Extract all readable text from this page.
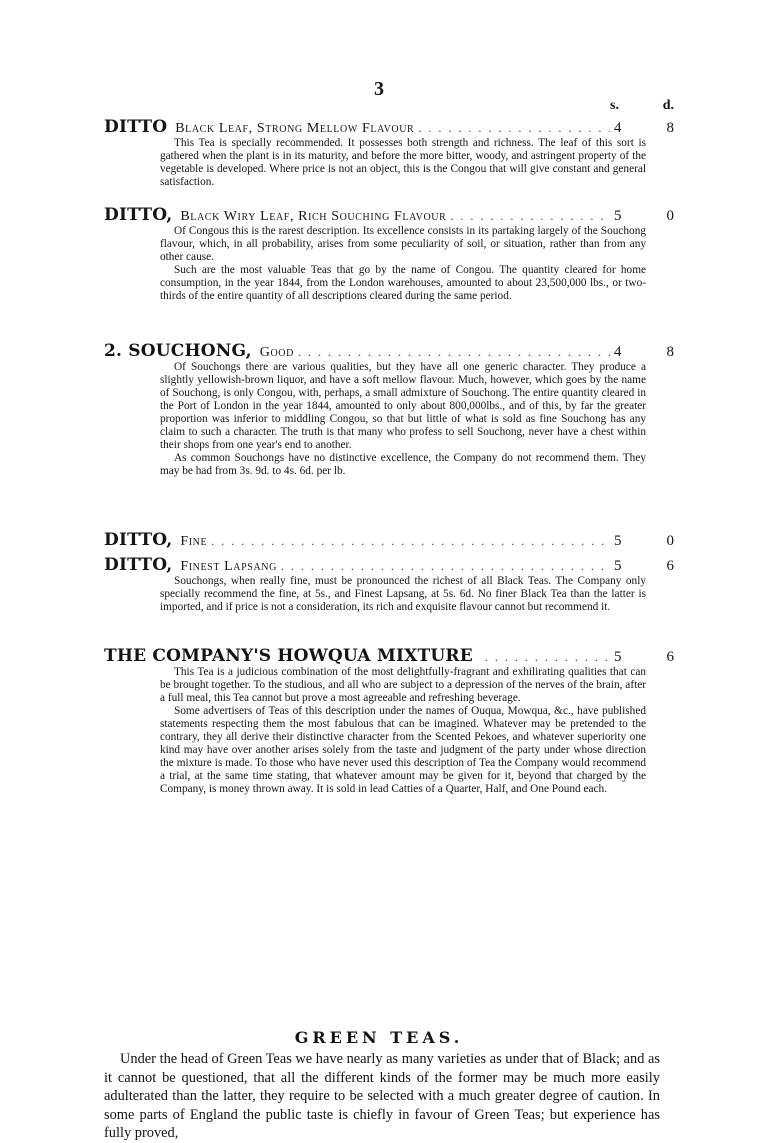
3
s.	d.
DITTO Black Leaf, Strong Mellow Flavour . . .	4	8

This Tea is specially recommended. It possesses both strength and richness. The leaf of this sort is gathered when the plant is in its maturity, and before the more bitter, woody, and astringent property of the vegetable is developed. Where price is not an object, this is the Congou that will give constant and general satisfaction.

DITTO, Black Wiry Leaf, Rich Souching Flavour . . .	5	0

Of Congous this is the rarest description. Its excellence consists in its partaking largely of the Souchong flavour, which, in all probability, arises from some peculiarity of soil, or situation, rather than from any other cause.

Such are the most valuable Teas that go by the name of Congou. The quantity cleared for home consumption, in the year 1844, from the London warehouses, amounted to about 23,500,000 lbs., or two-thirds of the entire quantity of all descriptions cleared during the same period.

2. SOUCHONG, Good . . .	4	8

Of Souchongs there are various qualities, but they have all one generic character. They produce a slightly yellowish-brown liquor, and have a soft mellow flavour. Much, however, which goes by the name of Souchong, is only Congou, with, perhaps, a small admixture of Souchong. The entire quantity cleared in the Port of London in the year 1844, amounted to only about 800,000lbs., and of this, by far the greater proportion was inferior to middling Congou, so that but little of what is sold as fine Souchong has any claim to such a character. The truth is that many who profess to sell Souchong, never have a chest within their shops from one year's end to another.

As common Souchongs have no distinctive excellence, the Company do not recommend them. They may be had from 3s. 9d. to 4s. 6d. per lb.

DITTO, Fine . . .	5	0
DITTO, Finest Lapsang . . .	5	6

Souchongs, when really fine, must be pronounced the richest of all Black Teas. The Company only specially recommend the fine, at 5s., and Finest Lapsang, at 5s. 6d. No finer Black Tea than the latter is imported, and if price is not a consideration, its rich and exquisite flavour cannot but recommend it.

THE COMPANY'S HOWQUA MIXTURE . . .	5	6

This Tea is a judicious combination of the most delightfully-fragrant and exhilirating qualities that can be brought together. To the studious, and all who are subject to a depression of the nerves of the brain, after a full meal, this Tea cannot but prove a most agreeable and refreshing beverage.

Some advertisers of Teas of this description under the names of Ouqua, Mowqua, &c., have published statements respecting them the most fabulous that can be imagined. Whatever may be pretended to the contrary, they all derive their distinctive character from the Scented Pekoes, and whatever superiority one kind may have over another arises solely from the taste and judgment of the party under whose direction the mixture is made. To those who have never used this description of Tea the Company would recommend a trial, at the same time stating, that whatever amount may be given for it, beyond that charged by the Company, is money thrown away. It is sold in lead Catties of a Quarter, Half, and One Pound each.

GREEN TEAS.

Under the head of Green Teas we have nearly as many varieties as under that of Black; and as it cannot be questioned, that all the different kinds of the former may be much more easily adulterated than the latter, they require to be selected with a much greater degree of caution. In some parts of England the public taste is chiefly in favour of Green Teas; but experience has fully proved,
